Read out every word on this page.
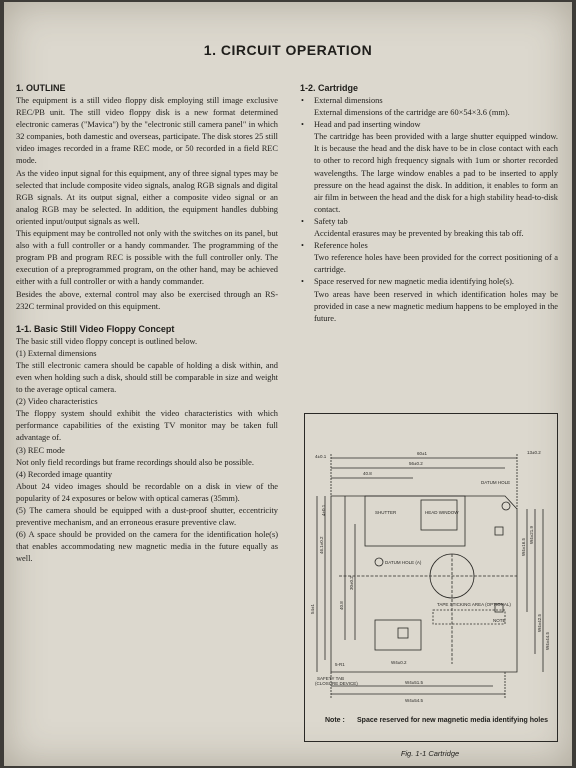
1. CIRCUIT OPERATION
1. OUTLINE

The equipment is a still video floppy disk employing still image exclusive REC/PB unit. The still video floppy disk is a new format determined electronic cameras ("Mavica") by the "electronic still camera panel" in which 32 companies, both damestic and overseas, participate. The disk stores 25 still video images recorded in a frame REC mode, or 50 recorded in a field REC mode.

As the video input signal for this equipment, any of three signal types may be selected that include composite video signals, analog RGB signals and digital RGB signals. At its output signal, either a composite video signal or an analog RGB may be selected. In addition, the equipment handles dubbing oriented input/output signals as well.

This equipment may be controlled not only with the switches on its panel, but also with a full controller or a handy commander. The programming of the program PB and program REC is possible with the full controller only. The execution of a preprogrammed program, on the other hand, may be achieved either with a full controller or with a handy commander.

Besides the above, external control may also be exercised through an RS-232C terminal provided on this equipment.

1-1. Basic Still Video Floppy Concept

The basic still video floppy concept is outlined below.

(1) External dimensions

The still electronic camera should be capable of holding a disk within, and even when holding such a disk, should still be comparable in size and weight to the average optical camera.

(2) Video characteristics

The floppy system should exhibit the video characteristics with which performance capabilities of the existing TV monitor may be taken full advantage of.

(3) REC mode

Not only field recordings but frame recordings should also be possible.

(4) Recorded image quantity

About 24 video images should be recordable on a disk in view of the popularity of 24 exposures or below with optical cameras (35mm).

(5) The camera should be equipped with a dust-proof shutter, eccentricity preventive mechanism, and an erroneous erasure preventive claw.

(6) A space should be provided on the camera for the identification hole(s) that enables accommodating new magnetic media in the future equally as well.

1-2. Cartridge
• External dimensions
External dimensions of the cartridge are 60×54×3.6 (mm).
• Head and pad inserting window
The cartridge has been provided with a large shutter equipped window. It is because the head and the disk have to be in close contact with each to other to record high frequency signals with 1um or shorter recorded wavelengths. The large window enables a pad to be inserted to apply pressure on the head against the disk. In addition, it enables to form an air film in between the head and the disk for a high stability head-to-disk contact.
• Safety tab
Accidental erasures may be prevented by breaking this tab off.
• Reference holes
Two reference holes have been provided for the correct positioning of a cartridge.
• Space reserved for new magnetic media identifying hole(s).
Two areas have been reserved in which identification holes may be provided in case a new magnetic medium happens to be employed in the future.
60±1
56±0.2
40.8
13±0.2
4±0.1
DATUM HOLE
SHUTTER	HEAD WINDOW
DATUM HOLE (A)
TAPE STICKING AREA (OPTIONAL)
NOTE
5-R1	W4±0.2
SAFETY TAB
(CLOSURE DEVICE)	W4±51.5
W4±54.5
54±1
46.1±0.2
40.8
30±0.2
4±0.1
W4±16.5
W4±21.9
W4±42.5
W4±44.5
Note : Space reserved for new magnetic media identifying holes
Fig. 1-1 Cartridge
